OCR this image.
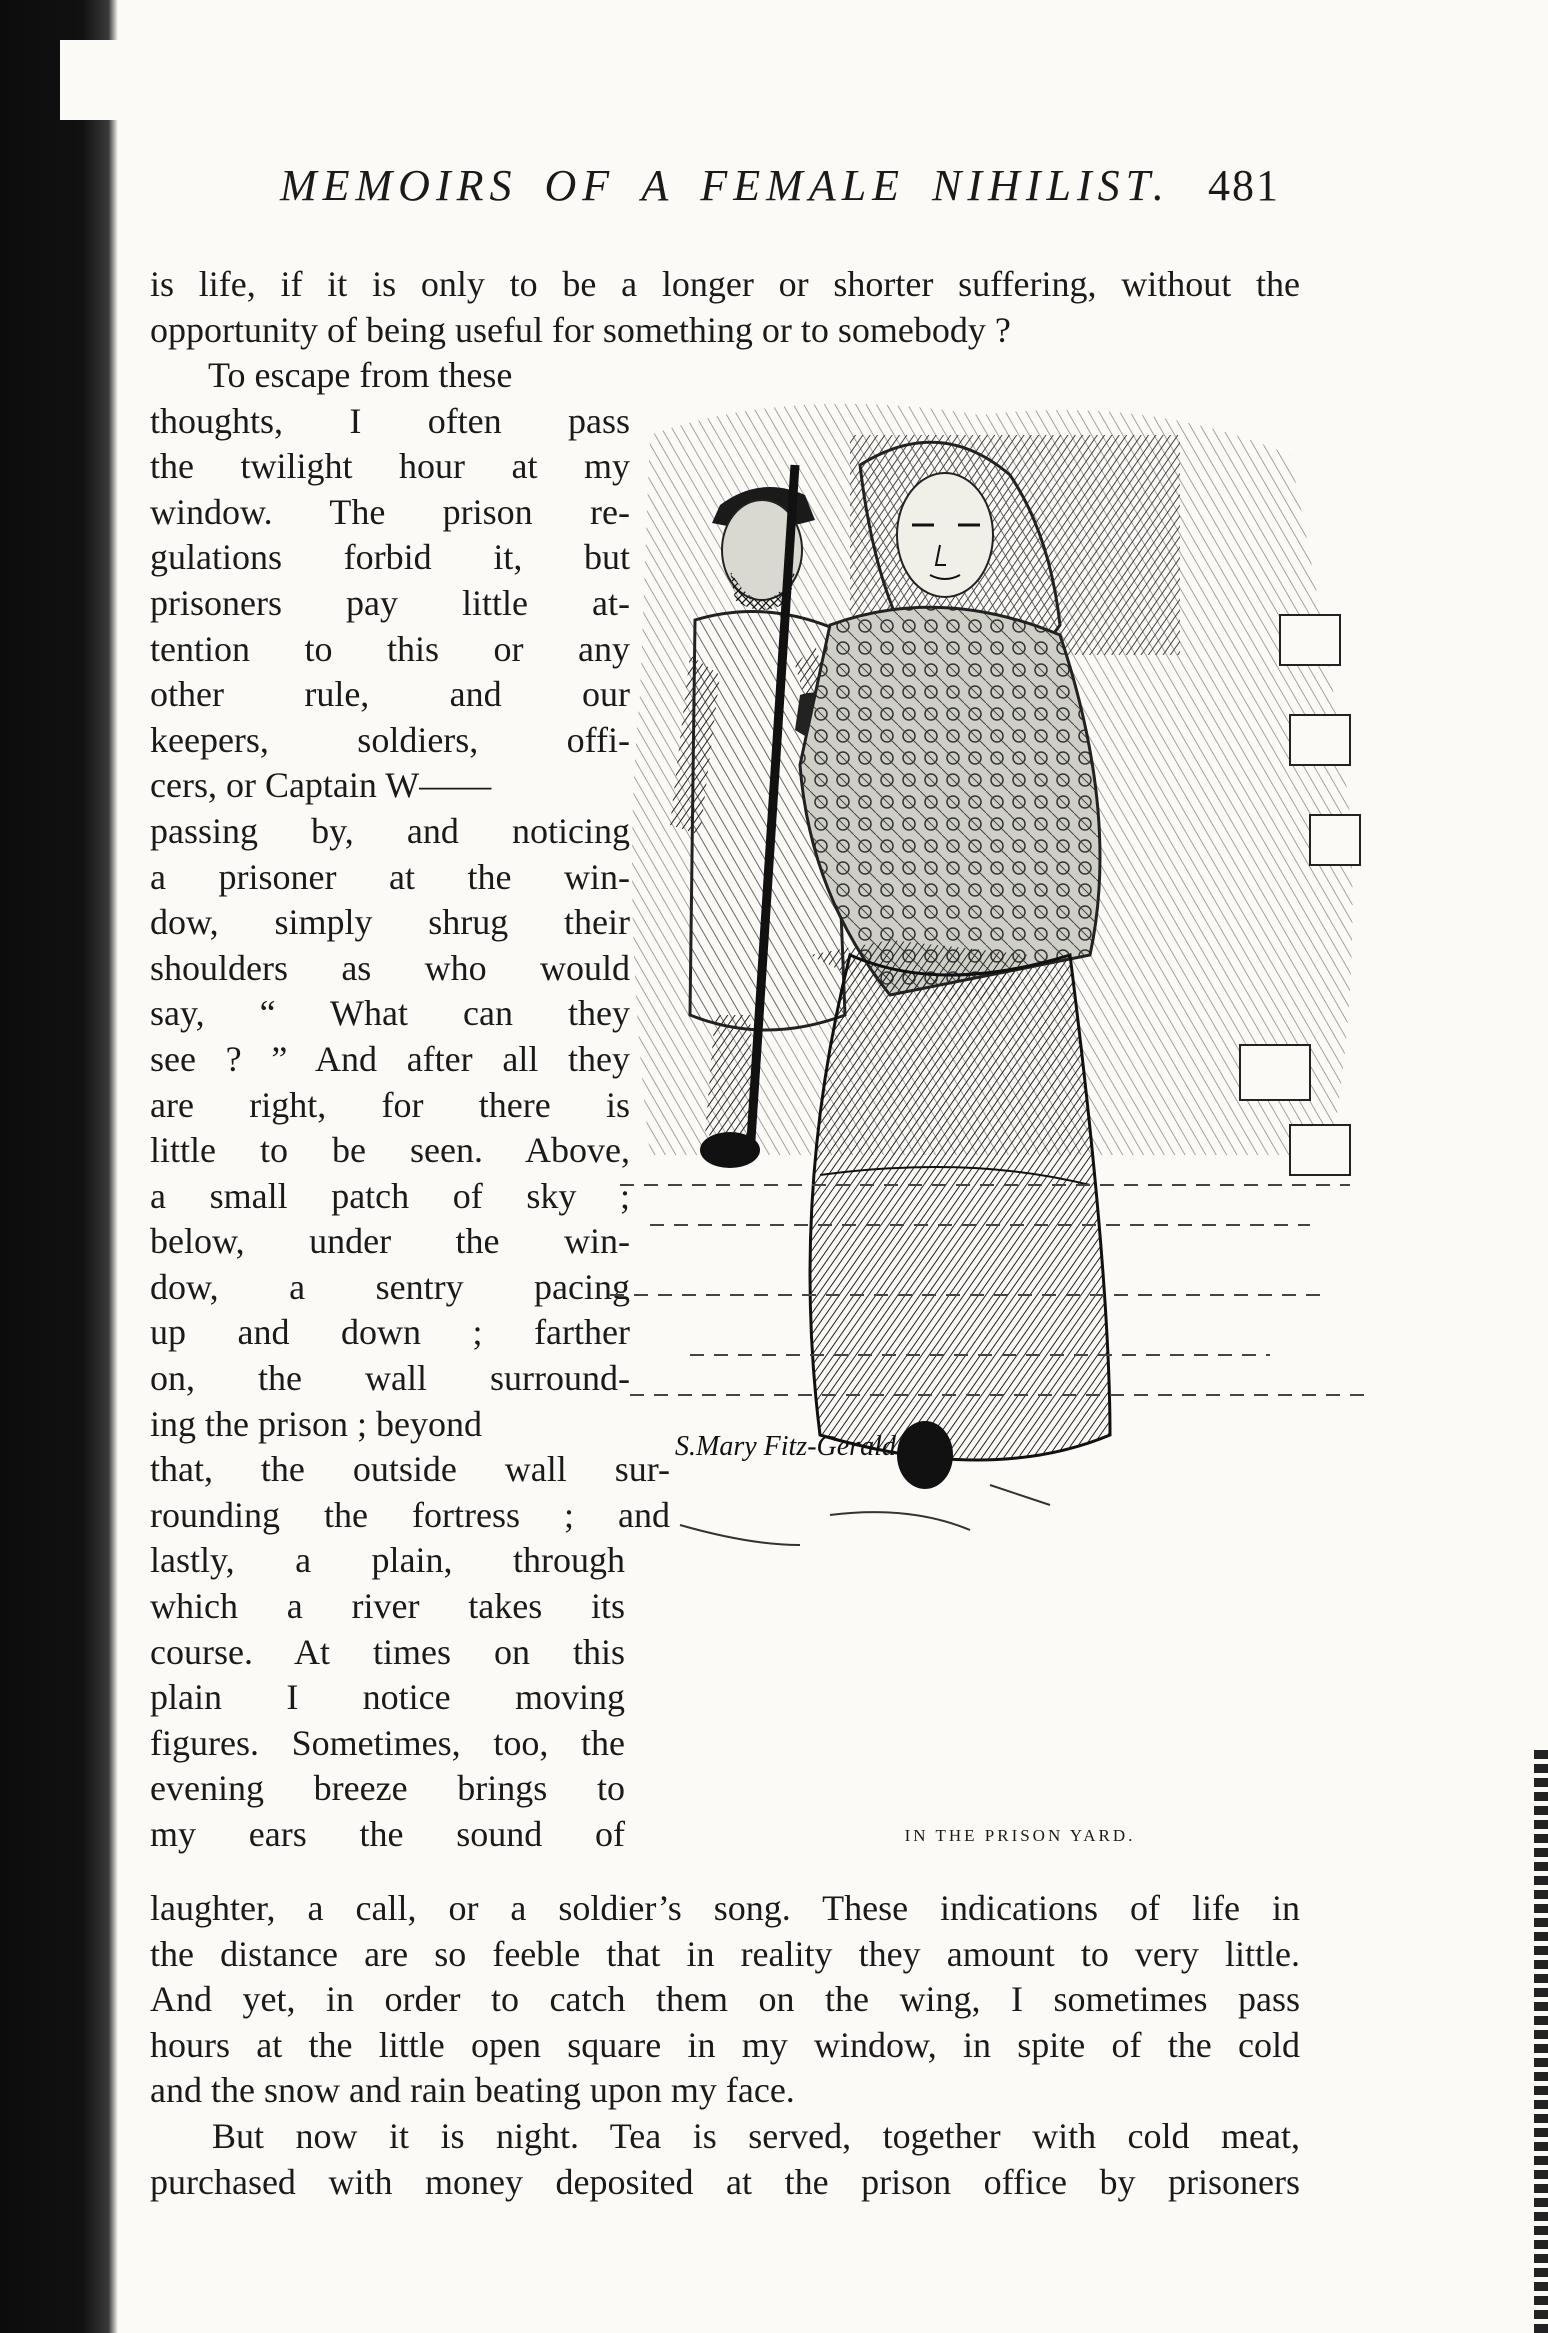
MEMOIRS OF A FEMALE NIHILIST. 481
is life, if it is only to be a longer or shorter suffering, without the
opportunity of being useful for something or to somebody ?
To escape from these
thoughts, I often pass
the twilight hour at my
window. The prison re-
gulations forbid it, but
prisoners pay little at-
tention to this or any
other rule, and our
keepers, soldiers, offi-
cers, or Captain W——
passing by, and noticing
a prisoner at the win-
dow, simply shrug their
shoulders as who would
say, “ What can they
see ? ” And after all they
are right, for there is
little to be seen. Above,
a small patch of sky ;
below, under the win-
dow, a sentry pacing
up and down ; farther
on, the wall surround-
ing the prison ; beyond
that, the outside wall sur-
rounding the fortress ; and
lastly, a plain, through
which a river takes its
course. At times on this
plain I notice moving
figures. Sometimes, too, the
evening breeze brings to
my ears the sound of
S.Mary Fitz-Gerald
IN THE PRISON YARD.
laughter, a call, or a soldier’s song. These indications of life in
the distance are so feeble that in reality they amount to very little.
And yet, in order to catch them on the wing, I sometimes pass
hours at the little open square in my window, in spite of the cold
and the snow and rain beating upon my face.
But now it is night. Tea is served, together with cold meat,
purchased with money deposited at the prison office by prisoners
